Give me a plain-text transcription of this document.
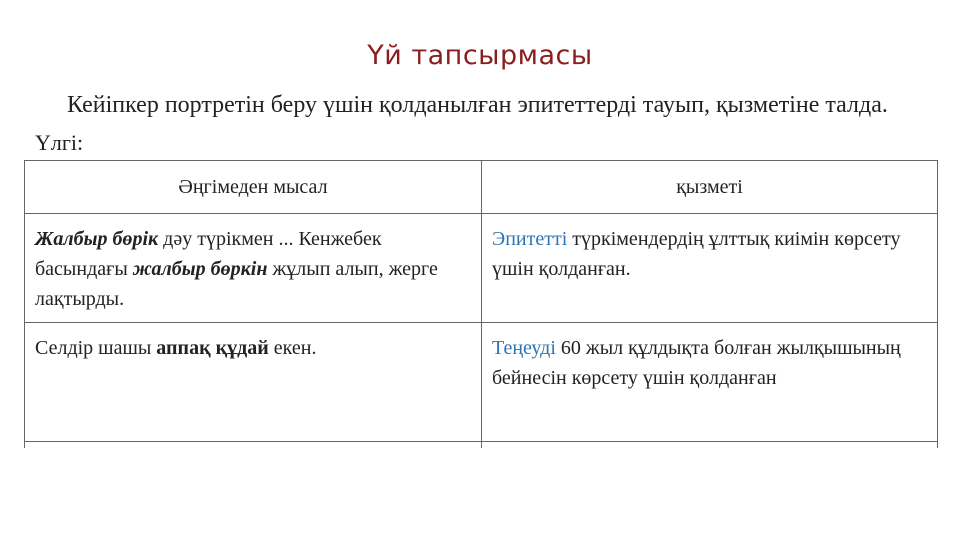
Үй тапсырмасы
Кейіпкер портретін беру үшін қолданылған эпитеттерді тауып, қызметіне талда. Үлгі:
Әңгімеден мысал	қызметі
Жалбыр бөрік дәу түрікмен ... Кенжебек басындағы жалбыр бөркін жұлып алып, жерге лақтырды.	Эпитетті түркімендердің ұлттық киімін көрсету үшін қолданған.
Селдір шашы аппақ құдай екен.	Теңеуді 60 жыл құлдықта болған жылқышының бейнесін көрсету үшін қолданған
